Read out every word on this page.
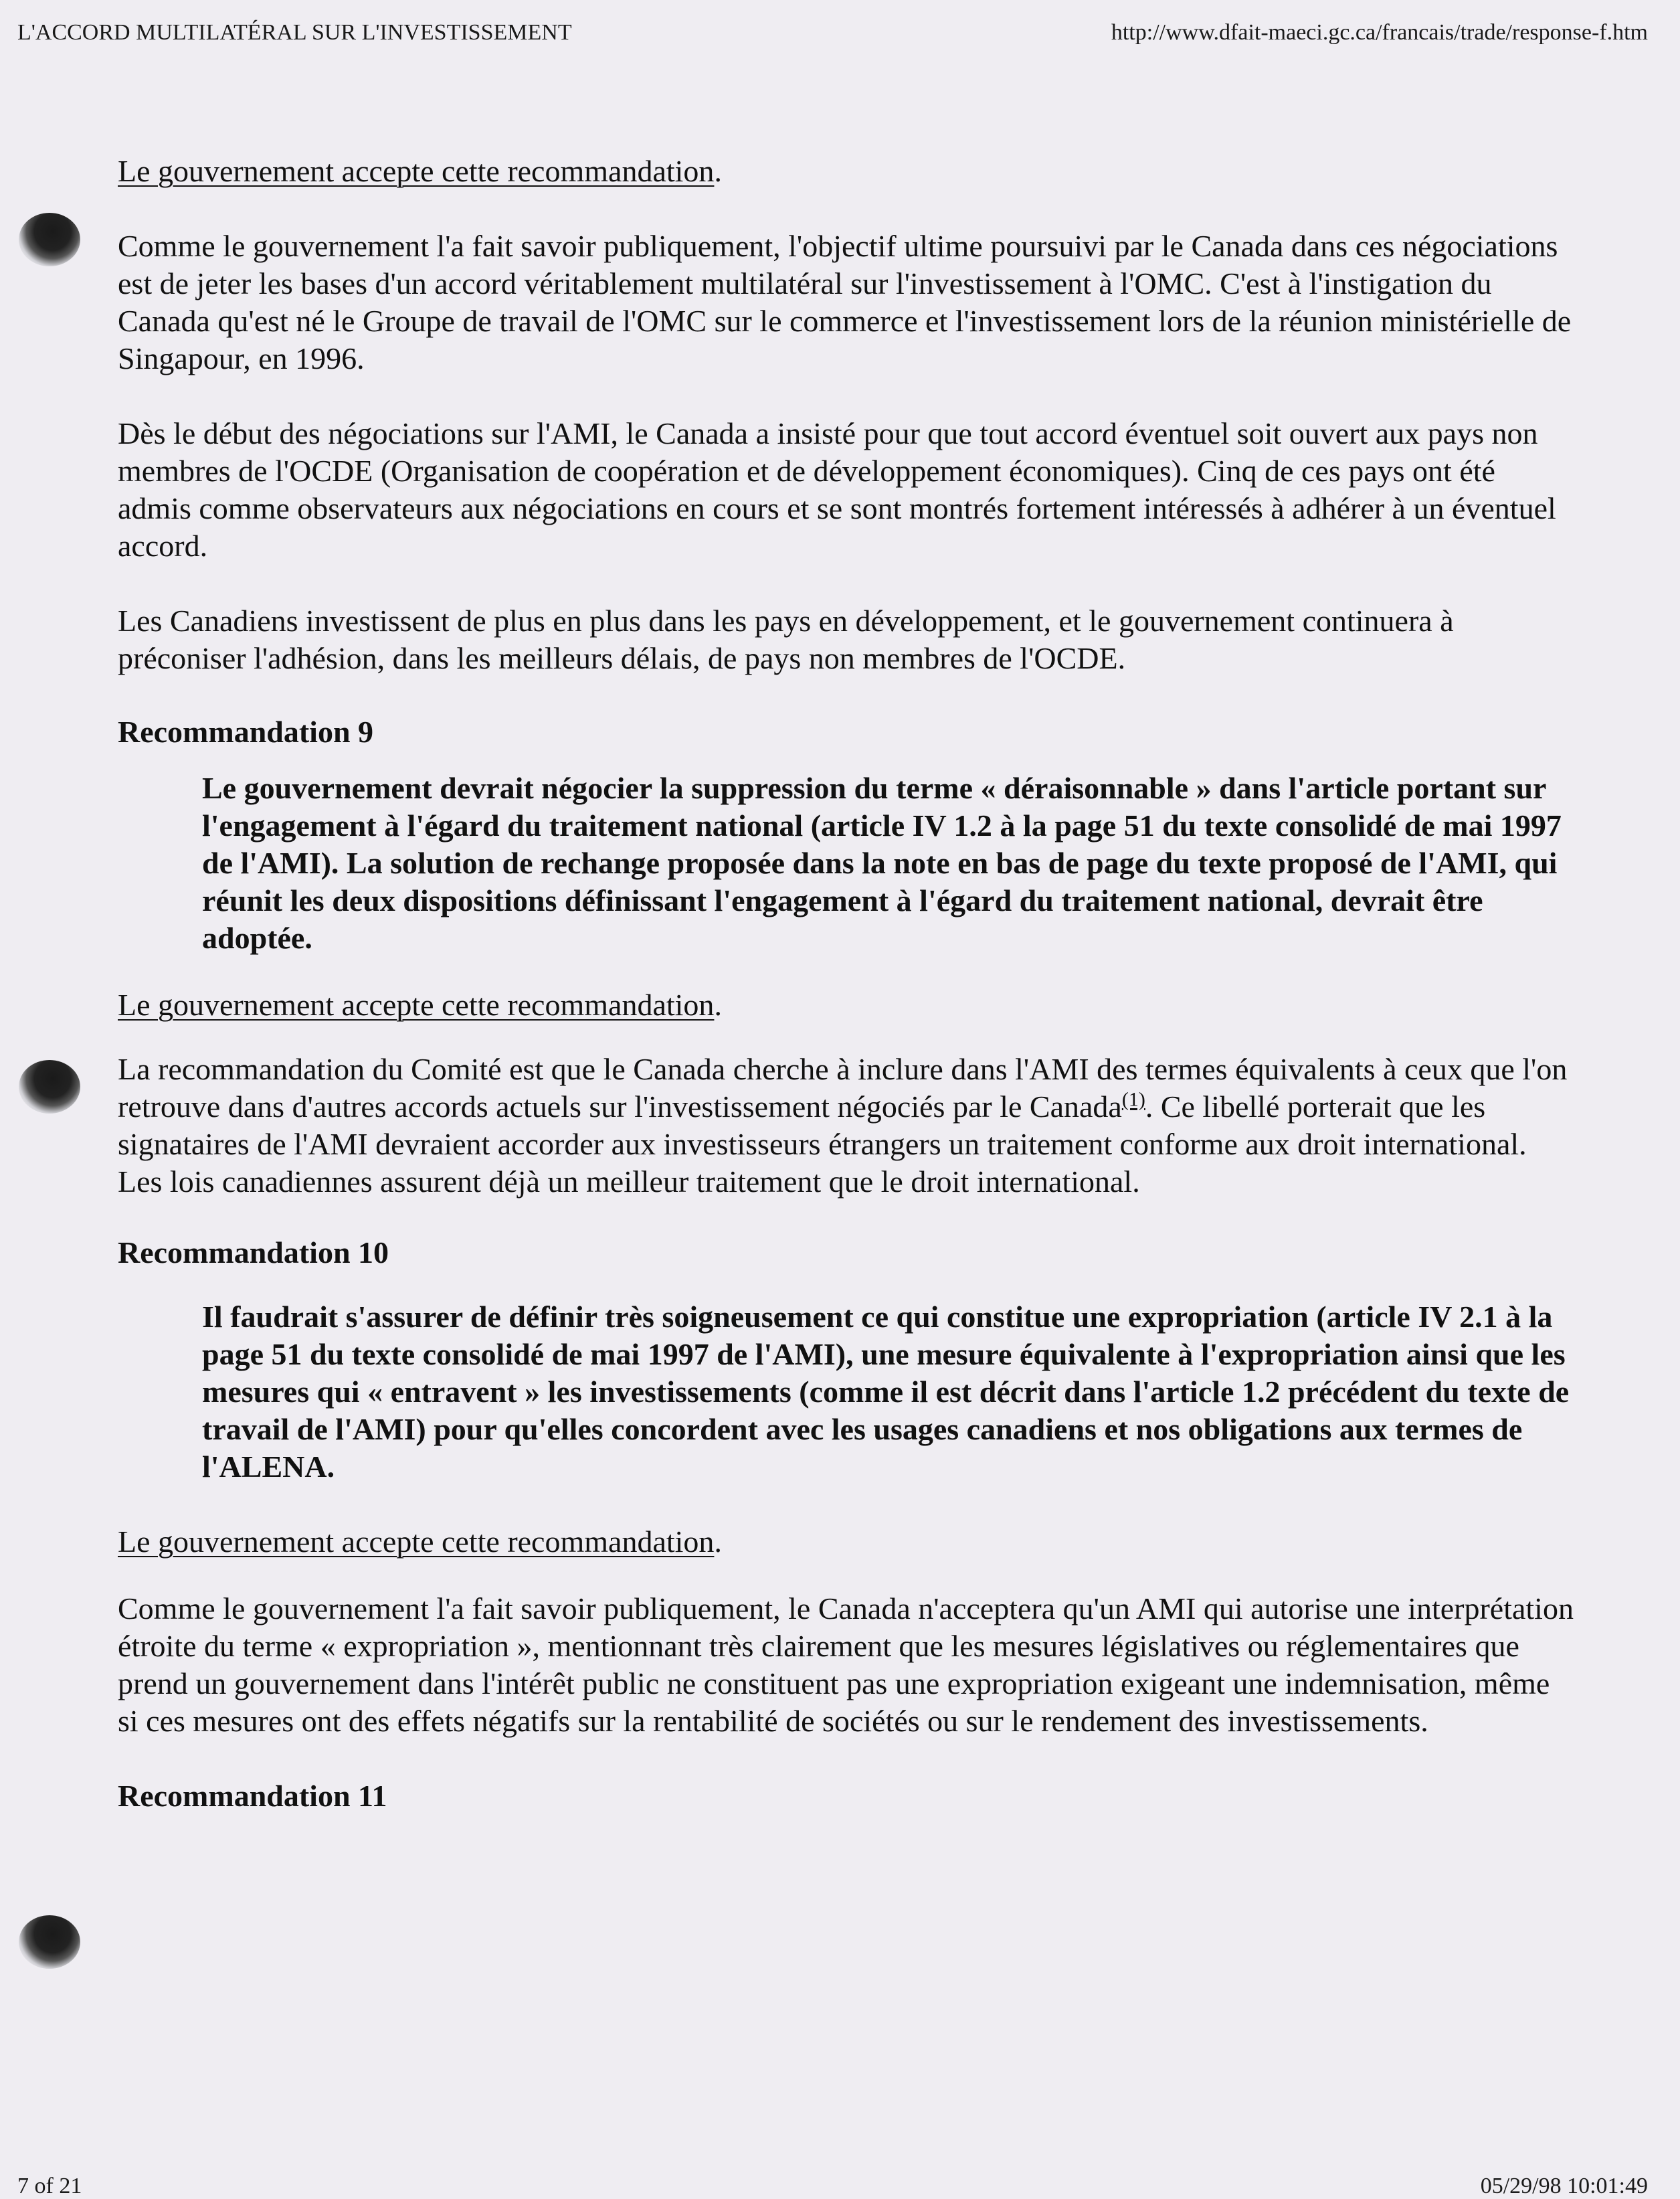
L'ACCORD MULTILATÉRAL SUR L'INVESTISSEMENT	http://www.dfait-maeci.gc.ca/francais/trade/response-f.htm

Le gouvernement accepte cette recommandation.

Comme le gouvernement l'a fait savoir publiquement, l'objectif ultime poursuivi par le Canada dans ces négociations est de jeter les bases d'un accord véritablement multilatéral sur l'investissement à l'OMC. C'est à l'instigation du Canada qu'est né le Groupe de travail de l'OMC sur le commerce et l'investissement lors de la réunion ministérielle de Singapour, en 1996.

Dès le début des négociations sur l'AMI, le Canada a insisté pour que tout accord éventuel soit ouvert aux pays non membres de l'OCDE (Organisation de coopération et de développement économiques). Cinq de ces pays ont été admis comme observateurs aux négociations en cours et se sont montrés fortement intéressés à adhérer à un éventuel accord.

Les Canadiens investissent de plus en plus dans les pays en développement, et le gouvernement continuera à préconiser l'adhésion, dans les meilleurs délais, de pays non membres de l'OCDE.

Recommandation 9

Le gouvernement devrait négocier la suppression du terme « déraisonnable » dans l'article portant sur l'engagement à l'égard du traitement national (article IV 1.2 à la page 51 du texte consolidé de mai 1997 de l'AMI). La solution de rechange proposée dans la note en bas de page du texte proposé de l'AMI, qui réunit les deux dispositions définissant l'engagement à l'égard du traitement national, devrait être adoptée.

Le gouvernement accepte cette recommandation.

La recommandation du Comité est que le Canada cherche à inclure dans l'AMI des termes équivalents à ceux que l'on retrouve dans d'autres accords actuels sur l'investissement négociés par le Canada$^{(1)}$. Ce libellé porterait que les signataires de l'AMI devraient accorder aux investisseurs étrangers un traitement conforme aux droit international. Les lois canadiennes assurent déjà un meilleur traitement que le droit international.

Recommandation 10

Il faudrait s'assurer de définir très soigneusement ce qui constitue une expropriation (article IV 2.1 à la page 51 du texte consolidé de mai 1997 de l'AMI), une mesure équivalente à l'expropriation ainsi que les mesures qui « entravent » les investissements (comme il est décrit dans l'article 1.2 précédent du texte de travail de l'AMI) pour qu'elles concordent avec les usages canadiens et nos obligations aux termes de l'ALENA.

Le gouvernement accepte cette recommandation.

Comme le gouvernement l'a fait savoir publiquement, le Canada n'acceptera qu'un AMI qui autorise une interprétation étroite du terme « expropriation », mentionnant très clairement que les mesures législatives ou réglementaires que prend un gouvernement dans l'intérêt public ne constituent pas une expropriation exigeant une indemnisation, même si ces mesures ont des effets négatifs sur la rentabilité de sociétés ou sur le rendement des investissements.

Recommandation 11

7 of 21	05/29/98 10:01:49
